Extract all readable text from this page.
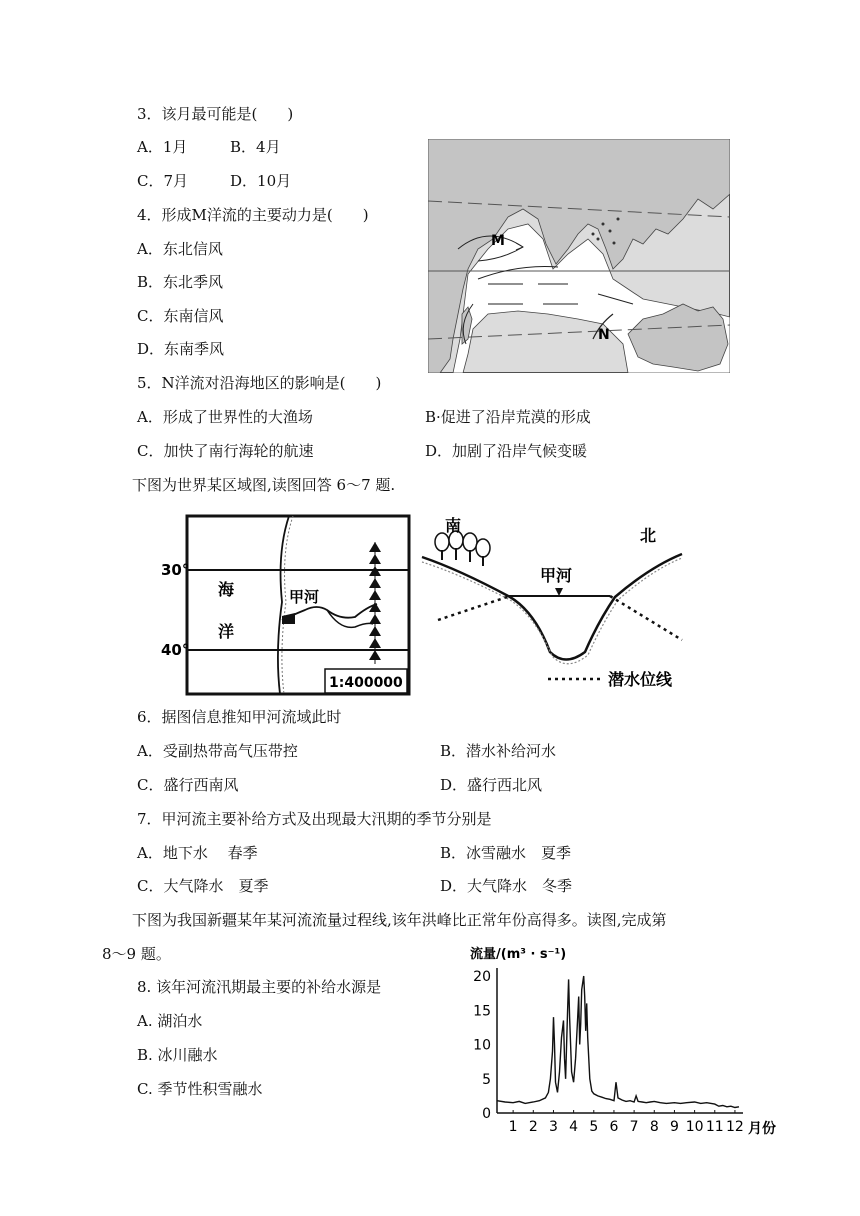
3．该月最可能是(　　)
A．1月	B．4月
C．7月	D．10月
4．形成M洋流的主要动力是(　　)
A．东北信风
B．东北季风
C．东南信风
D．东南季风
5．N洋流对沿海地区的影响是(　　)
A．形成了世界性的大渔场	B·促进了沿岸荒漠的形成
C．加快了南行海轮的航速	D．加剧了沿岸气候变暖
M
N
下图为世界某区域图,读图回答 6～7 题.
30°
40°
海
洋
甲河
1:400000
南
北
甲河
潜水位线
6．据图信息推知甲河流域此时
A．受副热带高气压带控	B．潜水补给河水
C．盛行西南风	D．盛行西北风
7．甲河流主要补给方式及出现最大汛期的季节分别是
A．地下水　 春季	B．冰雪融水　夏季
C．大气降水　夏季	D．大气降水　冬季
下图为我国新疆某年某河流流量过程线,该年洪峰比正常年份高得多。读图,完成第
8～9 题。
8. 该年河流汛期最主要的补给水源是
A. 湖泊水
B. 冰川融水
C. 季节性积雪融水
流量/(m³ · s⁻¹)
月份
0
5
10
15
20
1 2 3 4 5 6 7 8 9 10 11 12
